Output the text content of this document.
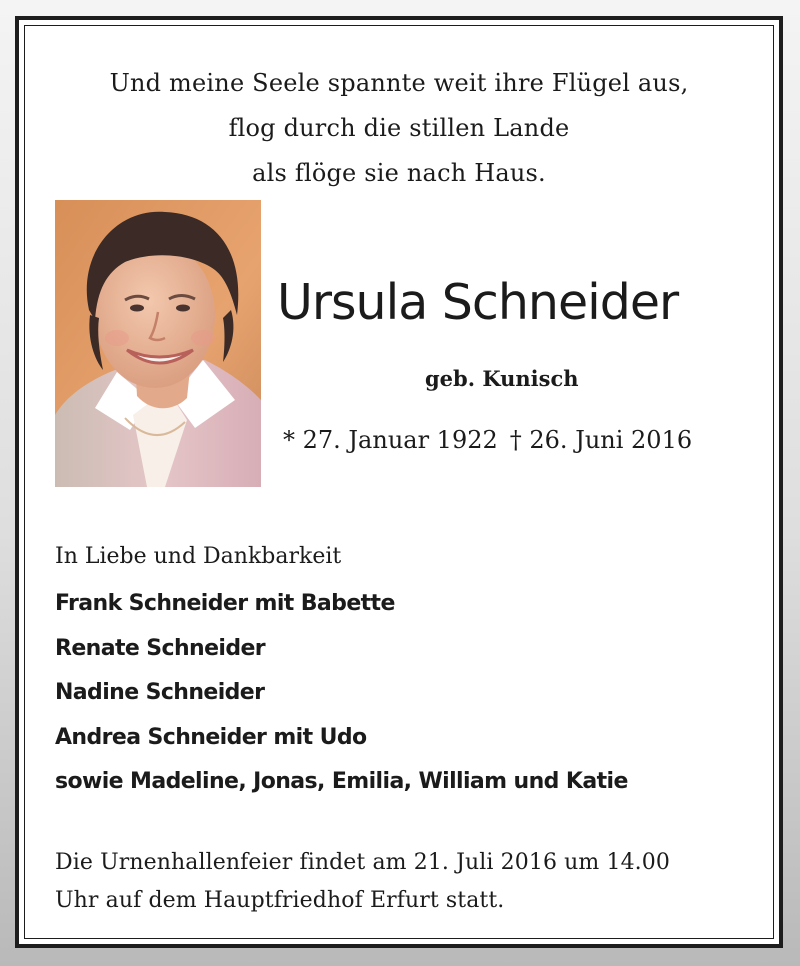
Und meine Seele spannte weit ihre Flügel aus,
flog durch die stillen Lande
als flöge sie nach Haus.
Ursula Schneider
geb. Kunisch
* 27. Januar 1922 † 26. Juni 2016
In Liebe und Dankbarkeit
Frank Schneider mit Babette
Renate Schneider
Nadine Schneider
Andrea Schneider mit Udo
sowie Madeline, Jonas, Emilia, William und Katie
Die Urnenhallenfeier findet am 21. Juli 2016 um 14.00
Uhr auf dem Hauptfriedhof Erfurt statt.
